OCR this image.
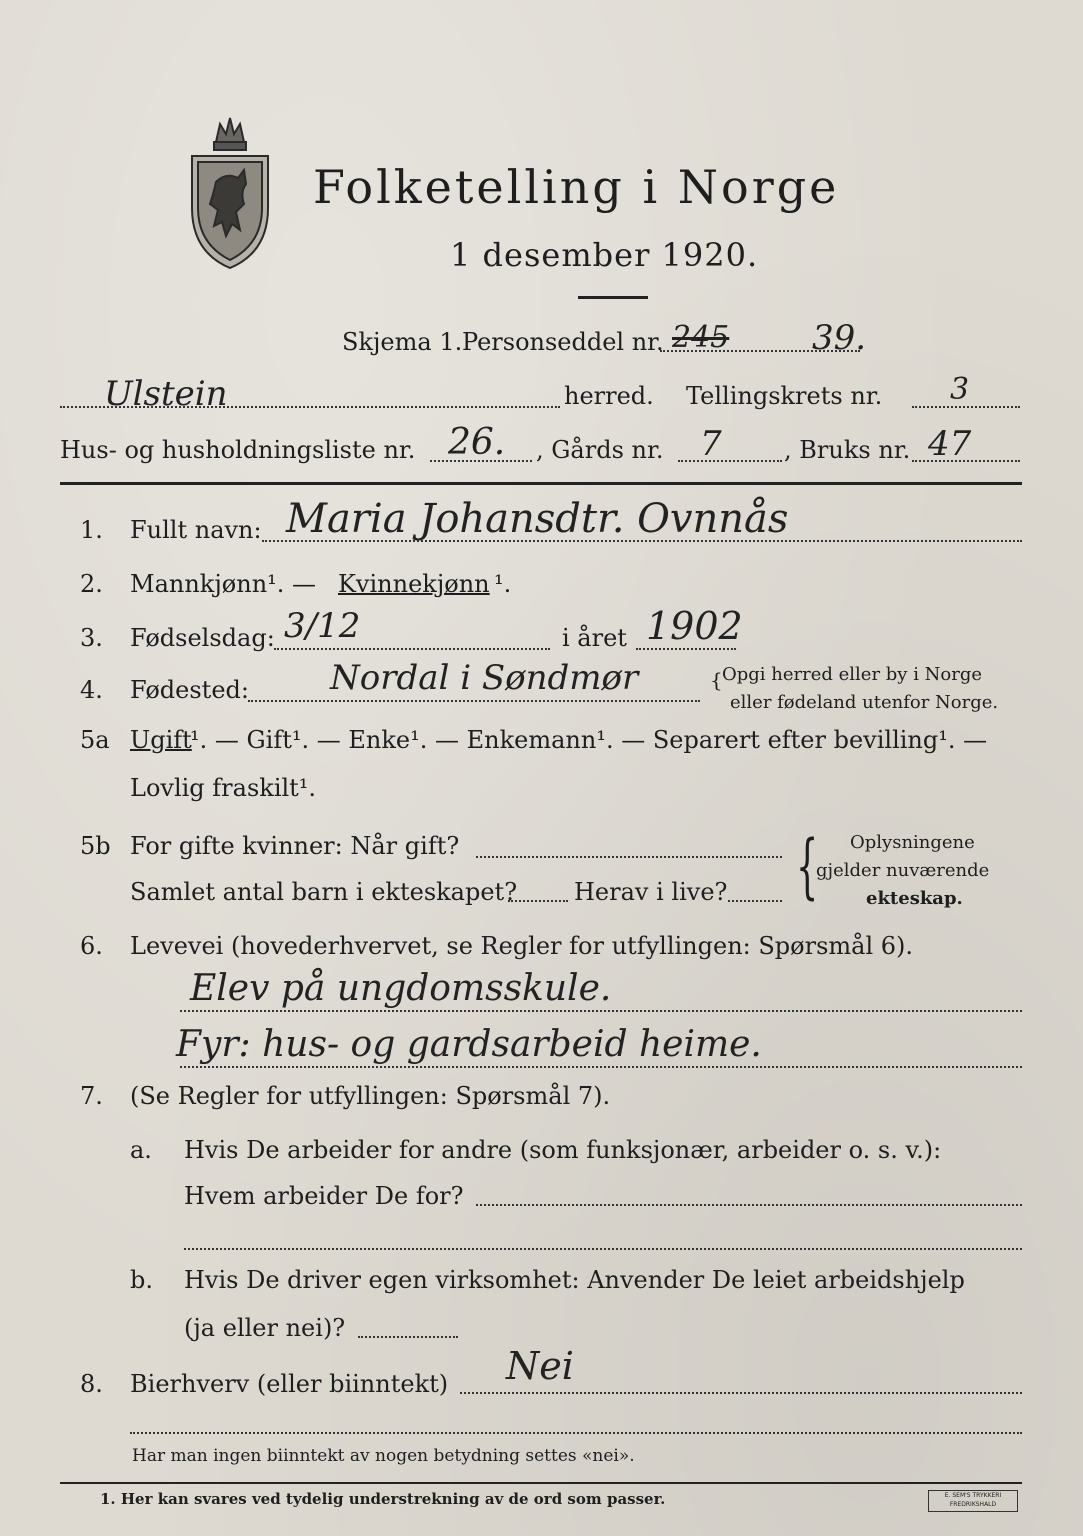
Folketelling i Norge
1 desember 1920.
Skjema 1. Personseddel nr. 245 39.
Ulstein	herred. Tellingskrets nr. 3
Hus- og husholdningsliste nr. 26. , Gårds nr. 7	, Bruks nr. 47
1. Fullt navn: Maria Johansdtr. Ovnnås
2. Mannkjønn¹. — Kvinnekjønn ¹.
3. Fødselsdag: 3/12	i året 1902
4. Fødested: Nordal i Søndmør	{ Opgi herred eller by i Norge
eller fødeland utenfor Norge.
5a Ugift
¹. — Gift¹. — Enke¹. — Enkemann¹. — Separert efter bevilling¹. —
Lovlig fraskilt¹.
5b For gifte kvinner: Når gift?
Samlet antal barn i ekteskapet? Herav i live? { Oplysningene
gjelder nuværende
ekteskap.
6. Levevei (hovederhvervet, se Regler for utfyllingen: Spørsmål 6).
Elev på ungdomsskule.
Fyr: hus- og gardsarbeid heime.
7. (Se Regler for utfyllingen: Spørsmål 7).
a. Hvis De arbeider for andre (som funksjonær, arbeider o. s. v.):
Hvem arbeider De for?
b. Hvis De driver egen virksomhet: Anvender De leiet arbeidshjelp
(ja eller nei)?
8. Bierhverv (eller biinntekt) Nei
Har man ingen biinntekt av nogen betydning settes «nei».
1. Her kan svares ved tydelig understrekning av de ord som passer.	E. SEM'S TRYKKERI FREDRIKSHALD
